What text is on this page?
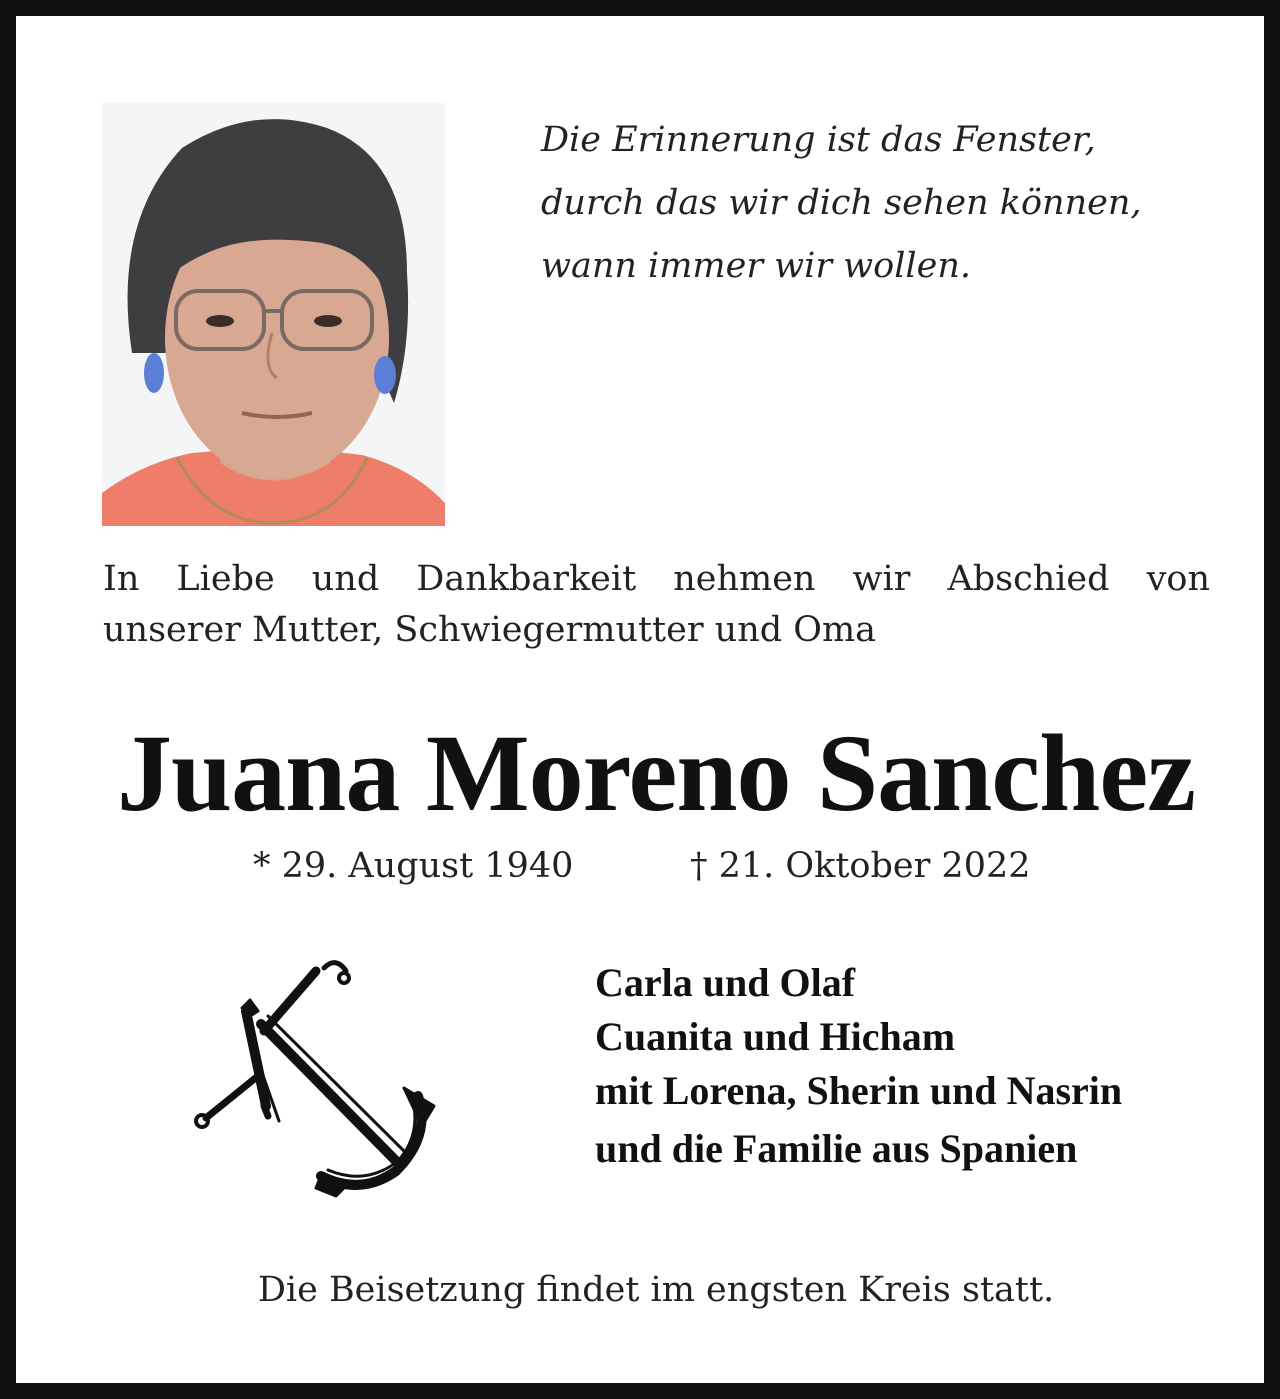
Die Erinnerung ist das Fenster,
durch das wir dich sehen können,
wann immer wir wollen.

In Liebe und Dankbarkeit nehmen wir Abschied von
unserer Mutter, Schwiegermutter und Oma

Juana Moreno Sanchez
* 29. August 1940	† 21. Oktober 2022

Carla und Olaf
Cuanita und Hicham
mit Lorena, Sherin und Nasrin
und die Familie aus Spanien

Die Beisetzung findet im engsten Kreis statt.
